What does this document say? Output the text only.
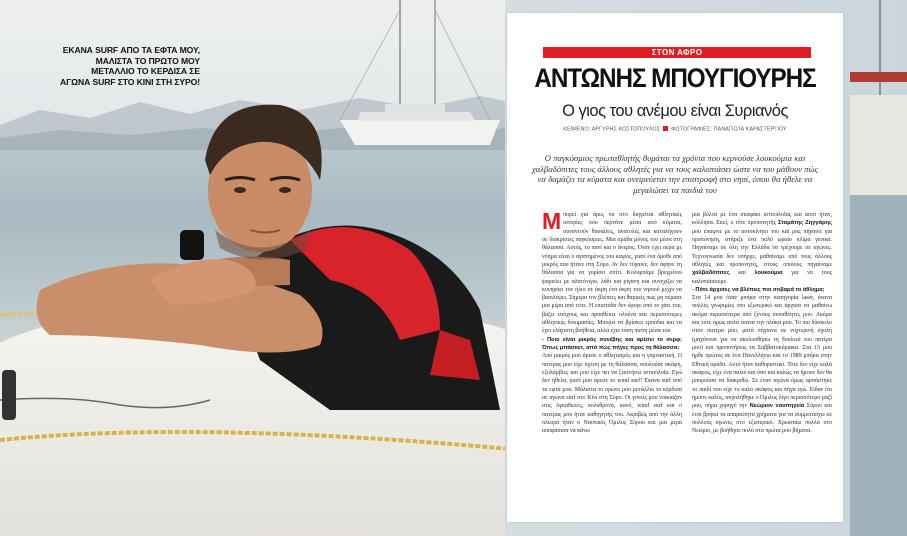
ΕΚΑΝΑ SURF ΑΠΟ ΤΑ ΕΦΤΑ ΜΟΥ, ΜΑΛΙΣΤΑ ΤΟ ΠΡΩΤΟ ΜΟΥ ΜΕΤΑΛΛΙΟ ΤΟ ΚΕΡΔΙΣΑ ΣΕ ΑΓΩΝΑ SURF ΣΤΟ ΚΙΝΙ ΣΤΗ ΣΥΡΟ!
ΣΤΟΝ ΑΦΡΟ
ΑΝΤΩΝΗΣ ΜΠΟΥΓΙΟΥΡΗΣ
Ο γιος του ανέμου είναι Συριανός
ΚΕΙΜΕΝΟ: ΑΡΓΥΡΗΣ ΚΟΣΤΟΠΟΥΛΟΣ ΦΩΤΟΓΡΑΦΙΕΣ: ΠΑΝΑΓΙΩΤΑ ΚΑΡΑΣΤΕΡΓΙΟΥ
Ο παγκόσμιος πρωταθλητής θυμάται τα χρόνια που κερνούσε λουκούμια και χαλβαδόπιτες τους άλλους αθλητές για να τους καλοπιάσει ώστε να του μάθουν πώς να δαμάζει τα κύματα και ονειρεύεται την επιστροφή στο νησί, όπου θα ήθελε να μεγαλώσει τα παιδιά του
Μπορεί για άρες να στο διηγείται αθλητικές ιστορίες που περνάνε μέσα από κύματα, συναντούν θυσιάλες, ανατολές και καταλήγουν σε διακρίσεις παγκόσμιες. Μια ομάδα μόνος του μέσα στη θάλασσα. Αυτός, το πανί και ο άνεμος. Όταν έχει αέρα με νόημα είναι ο αγαπημένος του καιρός, γιατί ένα όμοθε από μικρός που ήτανε στη Σύρο. Αν δεν τύχαινε, δεν άφηνε τη θάλασσα για να γυρίσει σπίτι. Κολυμπάμε βρεγμένοι ψαρεύει με αλατόνερο, λάδι και ρίγανη και συνεχίζει να κυνηγάει τον ήλιο σε άκρη ένα άκρη του νησιού μέχρι να βασιλέψει. Σήμερα τον βλέπεις και θαρρείς πως μη πέρασε μια μέρα από τότε. Η επιστάδα δεν έφυγε από το χάτι του, βάζει στόχους και προσθέκει ολοένα και περισσότερες αθλητικές δοκιμασίες. Μπορεί να βρίσκει εμπόδια και να έχει ελάχιστη βοήθεια, αλλά έχει τόση πίστη μέσα του
- Ποιο είναι μικρός συνέβης και αρέσει το σερφ; Όπως μπάσκετ, από πώς πήγες προς τη θάλασσα;
Από μικρός μου άρεσε ο αθλητισμός και η γυμναστική. Ο πατέρας μου είχε σχέση με τη θάλασσα, πουλούσε σκάφη, εξολάμβιες και μου είχε πει να ξεκινήσω ιστιοπλοΐα. Εγώ δεν ήθελα, γιατί μου άρεσε το wind surf! Έκανα surf από τα εφτά μου. Μάλιστα το πρώτο μου μετάλλιο το κέρδισα σε αγώνα surf στο Κίνι στη Σύρο. Οι γονείς μου νοίκιαζαν στις Αγκαθωτές, πολυθρόνα, κανό, wind surf και ο πατέρας μου ήταν καθηγητής του. Ακριβώς από την άλλη πλευρά ήταν ο Ναυτικός Όμιλος Σύρου και μια μέρα αποφάσισα να κάνω
μια βόλτα με ένα σκαφάκι ιστιοπλοΐας και αυτό ήταν, κόλλησα. Εκεί, ο τότε προπονητής Σταμάτης Ζηγγάρης μου έπαιρνε με το αυτοκίνητο του και μας πήγαινε για προπόνηση, στήριξε ένα πολύ ωραίο κλίμα γενικά. Πηγαίναμε σε όλη την Ελλάδα να τρέχουμε σε αγώνες. Τεχνογνωσία δεν υπήρχε, μαθαίναμε από τους άλλους αθλητές και προπονητές, στους οποίους πηγαίναμε χαλβαδόπιτες και λουκούμια για να τους καλοπιάσουμε.
- Πότε άρχισες να βλέπεις πιο σοβαρά το άθλημα;
Στα 14 μου όταν μπήκα στην κατηγορία laser, έκανα πολλές γνωριμίες στο εξωτερικό και άρχισα να μαθαίνω ακόμα περισσότερα από ξένους συναθλητές μου. Ακόμα και τότε όμως απλά έκανα την πλάκα μου. Το πιο δύσκολο στον πατέρα μου, ματά πήγαινα σε νυχτερινή σχολή (μαχόνουκ για να ακολουθήσω τη δουλειά του πατέρα μου) και προπονήσεις τα Σαββατοκύριακα. Στα 15 μου ήρθε πρώτος σε ένα Πανελλήνιο και το 1989 μπήκα στην Εθνική ομάδα. Αυτό ήταν καθοριστικό. Τότε δεν είχε καλά σκάφος, είχε ένα παλιό και όσο και καλώς να ήμουν δεν θα μπορούσα να διακριθώ. Σε έναν αγώνα όμως αρπάστηκε το παιδί που είχε το καλό σκάφος και πήγα εγώ. Είδαν ότι ήμουν καλός, ασχολήθηκε ο Όμιλος λίγο περισσότερο μαζί μου, πήρα χορηγό την Νεώριον ναυπηγεία Σύρου και έτσι βρήκα τα απαραίτητα χρήματα για να συμμετάσχω σε πολλούς αγώνες στο εξωτερικό. Χρωστάω πολλά στο Νεώριο, με βοήθησε πολύ στα πρώτα μου βήματα.
